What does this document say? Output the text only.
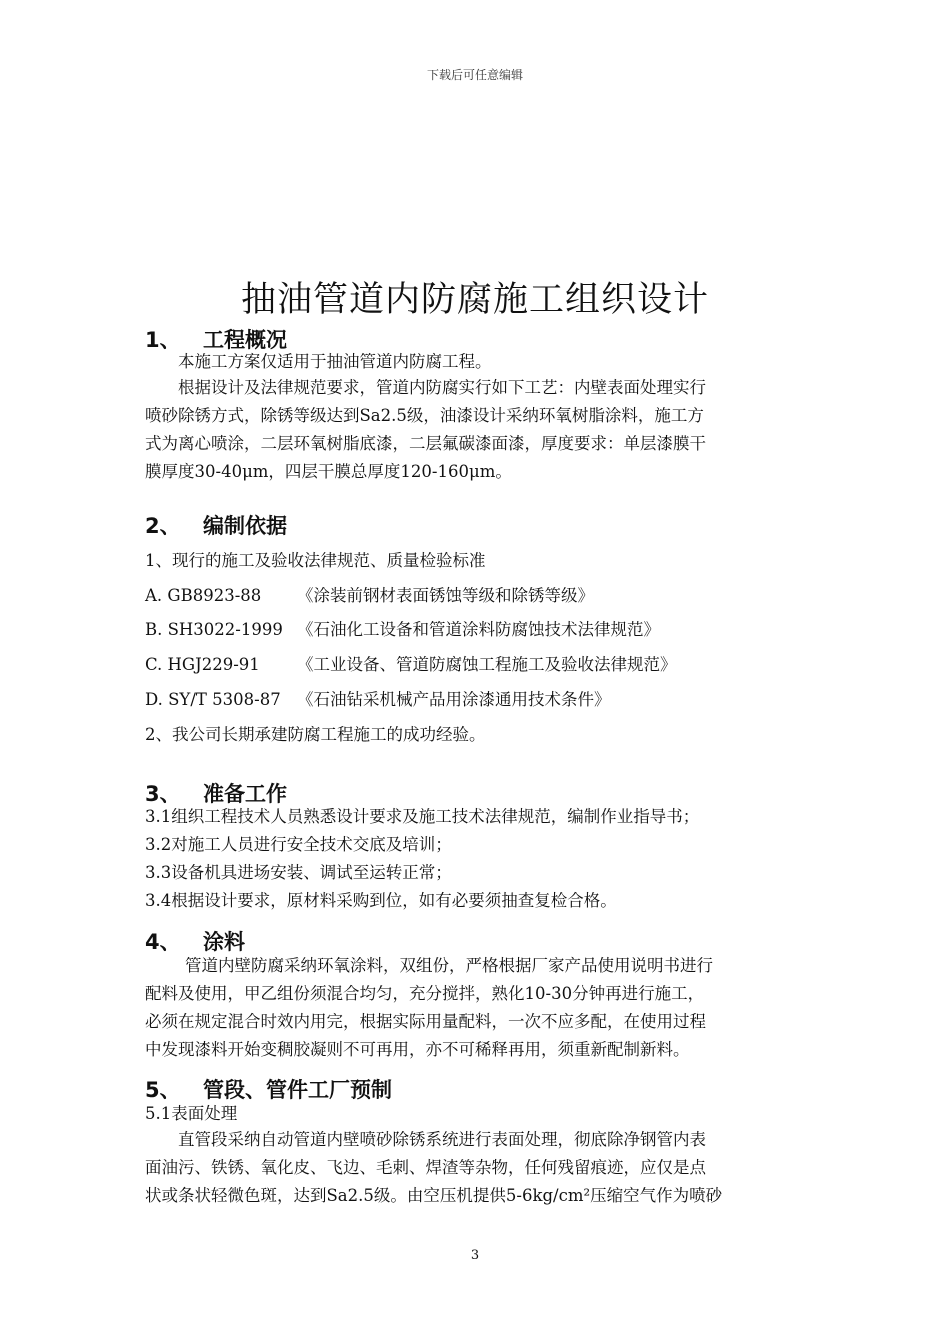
下载后可任意编辑
抽油管道内防腐施工组织设计
1、 工程概况
本施工方案仅适用于抽油管道内防腐工程。
根据设计及法律规范要求，管道内防腐实行如下工艺：内壁表面处理实行
喷砂除锈方式，除锈等级达到Sa2.5级，油漆设计采纳环氧树脂涂料，施工方
式为离心喷涂，二层环氧树脂底漆，二层氟碳漆面漆，厚度要求：单层漆膜干
膜厚度30-40μm，四层干膜总厚度120-160μm。
2、 编制依据
1、现行的施工及验收法律规范、质量检验标准
A. GB8923-88 《涂装前钢材表面锈蚀等级和除锈等级》
B. SH3022-1999 《石油化工设备和管道涂料防腐蚀技术法律规范》
C. HGJ229-91 《工业设备、管道防腐蚀工程施工及验收法律规范》
D. SY/T 5308-87 《石油钻采机械产品用涂漆通用技术条件》
2、我公司长期承建防腐工程施工的成功经验。
3、 准备工作
3.1组织工程技术人员熟悉设计要求及施工技术法律规范，编制作业指导书；
3.2对施工人员进行安全技术交底及培训；
3.3设备机具进场安装、调试至运转正常；
3.4根据设计要求，原材料采购到位，如有必要须抽查复检合格。
4、 涂料
管道内壁防腐采纳环氧涂料，双组份，严格根据厂家产品使用说明书进行
配料及使用，甲乙组份须混合均匀，充分搅拌，熟化10-30分钟再进行施工，
必须在规定混合时效内用完，根据实际用量配料，一次不应多配，在使用过程
中发现漆料开始变稠胶凝则不可再用，亦不可稀释再用，须重新配制新料。
5、 管段、管件工厂预制
5.1表面处理
直管段采纳自动管道内壁喷砂除锈系统进行表面处理，彻底除净钢管内表
面油污、铁锈、氧化皮、飞边、毛刺、焊渣等杂物，任何残留痕迹，应仅是点
状或条状轻微色斑，达到Sa2.5级。由空压机提供5-6kg/cm²压缩空气作为喷砂
3
